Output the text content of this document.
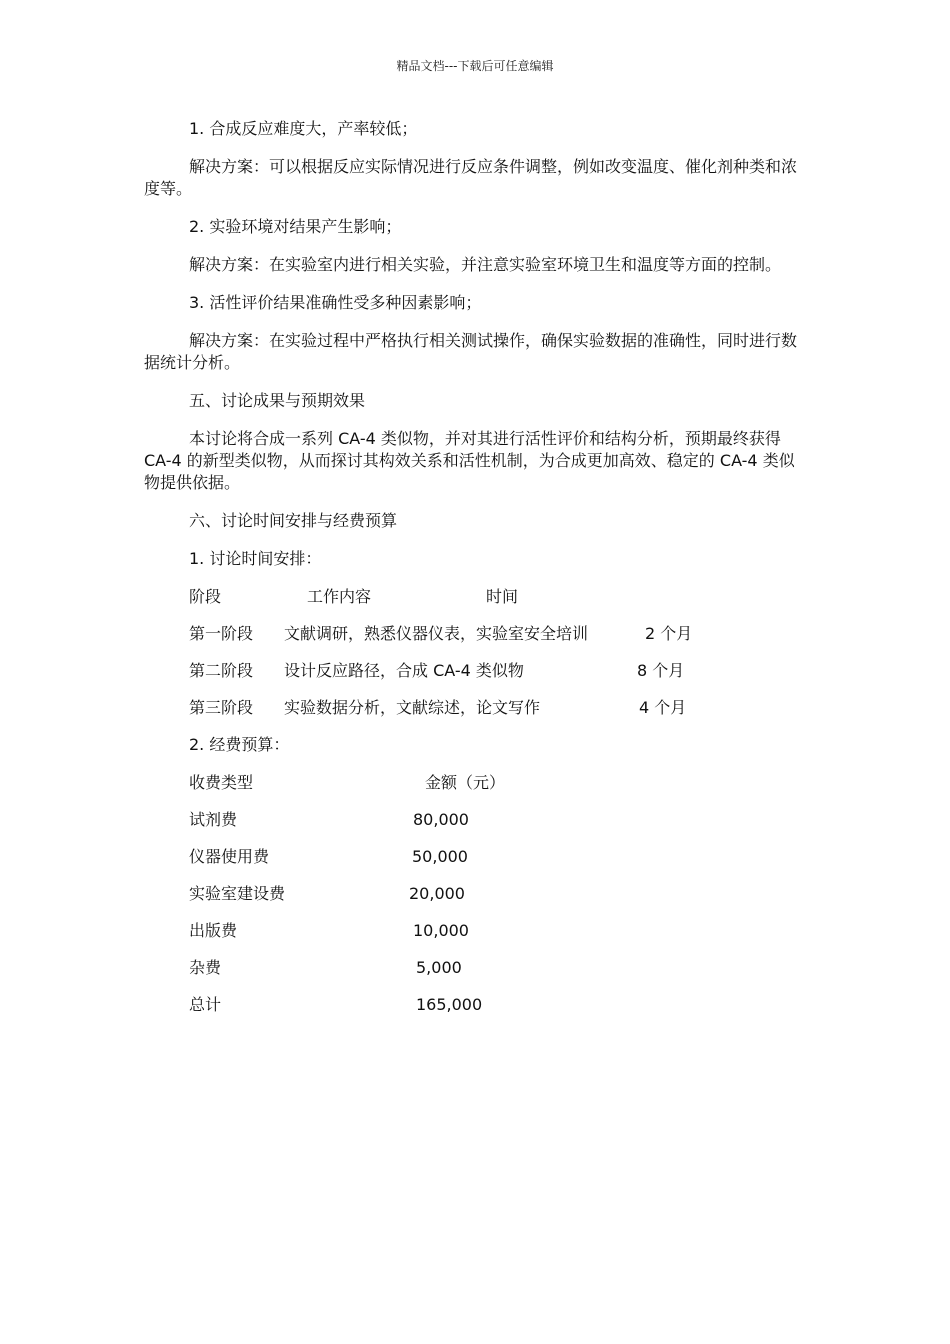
精品文档---下载后可任意编辑

1. 合成反应难度大，产率较低；

解决方案：可以根据反应实际情况进行反应条件调整，例如改变温度、催化剂种类和浓度等。

2. 实验环境对结果产生影响；

解决方案：在实验室内进行相关实验，并注意实验室环境卫生和温度等方面的控制。

3. 活性评价结果准确性受多种因素影响；

解决方案：在实验过程中严格执行相关测试操作，确保实验数据的准确性，同时进行数据统计分析。

五、讨论成果与预期效果

本讨论将合成一系列 CA-4 类似物，并对其进行活性评价和结构分析，预期最终获得 CA-4 的新型类似物，从而探讨其构效关系和活性机制，为合成更加高效、稳定的 CA-4 类似物提供依据。

六、讨论时间安排与经费预算

1. 讨论时间安排：

阶段	工作内容	时间
第一阶段 文献调研，熟悉仪器仪表，实验室安全培训	2 个月
第二阶段 设计反应路径，合成 CA-4 类似物	8 个月
第三阶段 实验数据分析，文献综述，论文写作	4 个月

2. 经费预算：

收费类型	金额（元）
试剂费	80,000
仪器使用费	50,000
实验室建设费	20,000
出版费	10,000
杂费	5,000
总计	165,000
